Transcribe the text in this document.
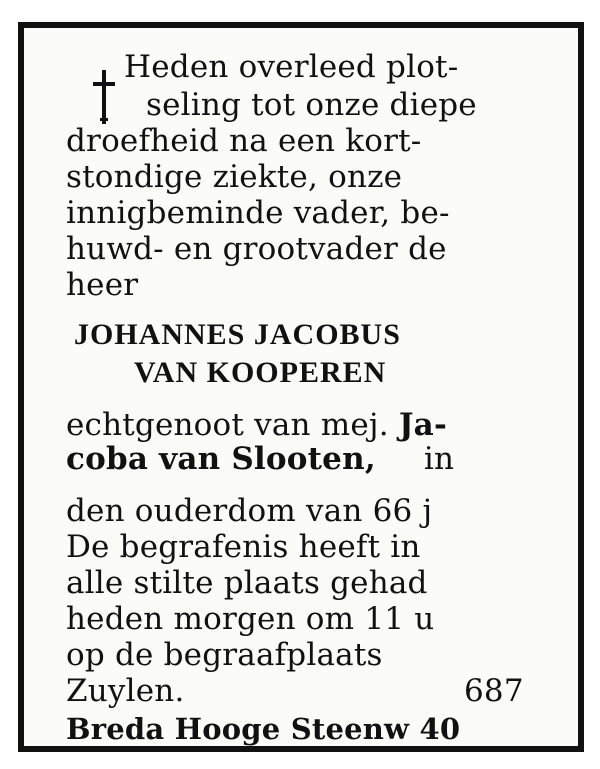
Heden overleed plot-
seling tot onze diepe
droefheid na een kort-
stondige ziekte, onze
innigbeminde vader, be-
huwd- en grootvader de
heer
JOHANNES JACOBUS
VAN KOOPEREN
echtgenoot van mej. Ja-
coba van Slooten, in
den ouderdom van 66 j
De begrafenis heeft in
alle stilte plaats gehad
heden morgen om 11 u
op de begraafplaats
Zuylen.	687
Breda Hooge Steenw 40
